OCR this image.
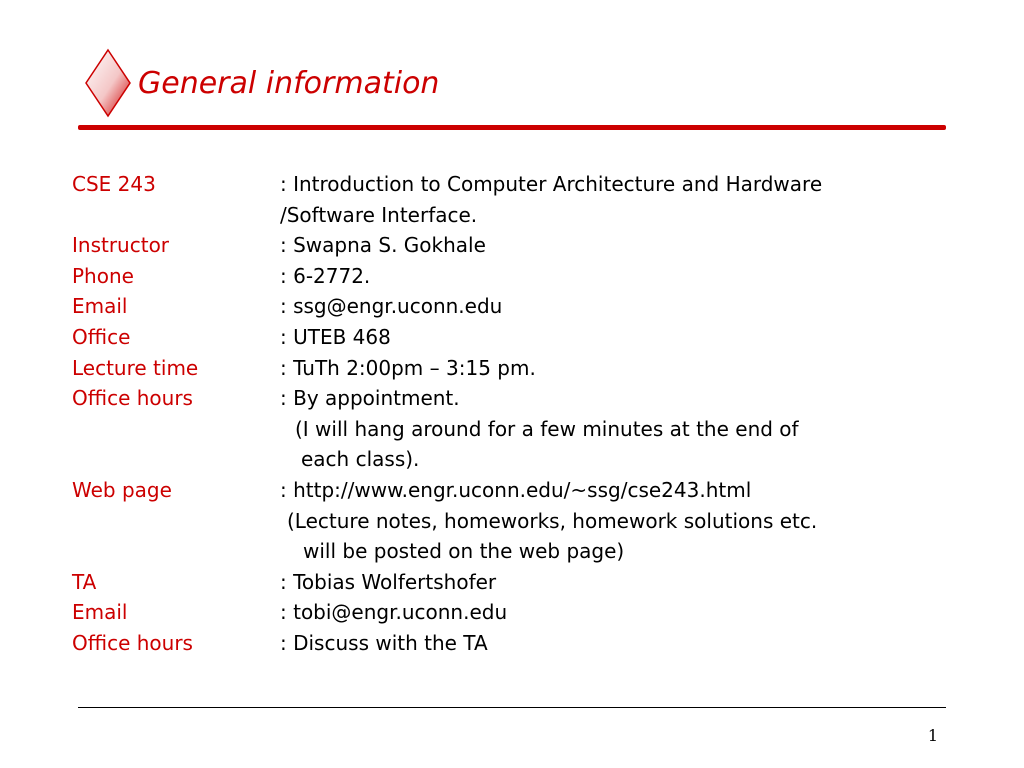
General information
CSE 243	: Introduction to Computer Architecture and Hardware
/Software Interface.
Instructor	: Swapna S. Gokhale
Phone	: 6-2772.
Email	: ssg@engr.uconn.edu
Office	: UTEB 468
Lecture time	: TuTh 2:00pm – 3:15 pm.
Office hours	: By appointment.
(I will hang around for a few minutes at the end of
each class).
Web page	: http://www.engr.uconn.edu/~ssg/cse243.html
(Lecture notes, homeworks, homework solutions etc.
will be posted on the web page)
TA	: Tobias Wolfertshofer
Email	: tobi@engr.uconn.edu
Office hours	: Discuss with the TA
1
